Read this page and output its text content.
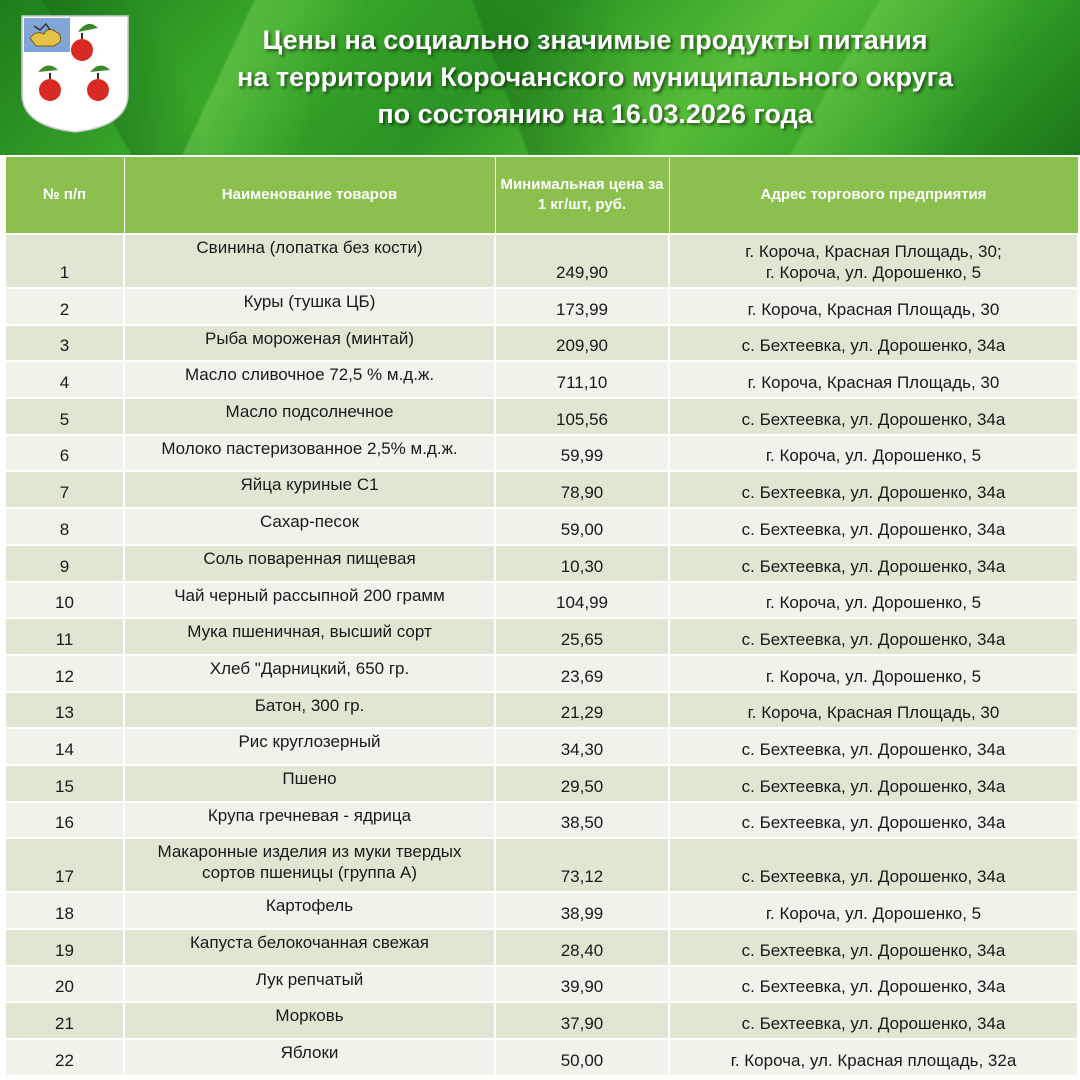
Цены на социально значимые продукты питания
на территории Корочанского муниципального округа
по состоянию на 16.03.2026 года
№ п/п	Наименование товаров	Минимальная цена за 1 кг/шт, руб.	Адрес торгового предприятия
1	Свинина (лопатка без кости)	249,90	г. Короча, Красная Площадь, 30;
г. Короча, ул. Дорошенко, 5
2	Куры (тушка ЦБ)	173,99	г. Короча, Красная Площадь, 30
3	Рыба мороженая (минтай)	209,90	с. Бехтеевка, ул. Дорошенко, 34а
4	Масло сливочное 72,5 % м.д.ж.	711,10	г. Короча, Красная Площадь, 30
5	Масло подсолнечное	105,56	с. Бехтеевка, ул. Дорошенко, 34а
6	Молоко пастеризованное 2,5% м.д.ж.	59,99	г. Короча, ул. Дорошенко, 5
7	Яйца куриные С1	78,90	с. Бехтеевка, ул. Дорошенко, 34а
8	Сахар-песок	59,00	с. Бехтеевка, ул. Дорошенко, 34а
9	Соль поваренная пищевая	10,30	с. Бехтеевка, ул. Дорошенко, 34а
10	Чай черный рассыпной 200 грамм	104,99	г. Короча, ул. Дорошенко, 5
11	Мука пшеничная, высший сорт	25,65	с. Бехтеевка, ул. Дорошенко, 34а
12	Хлеб "Дарницкий, 650 гр.	23,69	г. Короча, ул. Дорошенко, 5
13	Батон, 300 гр.	21,29	г. Короча, Красная Площадь, 30
14	Рис круглозерный	34,30	с. Бехтеевка, ул. Дорошенко, 34а
15	Пшено	29,50	с. Бехтеевка, ул. Дорошенко, 34а
16	Крупа гречневая - ядрица	38,50	с. Бехтеевка, ул. Дорошенко, 34а
17	Макаронные изделия из муки твердых
сортов пшеницы (группа А)	73,12	с. Бехтеевка, ул. Дорошенко, 34а
18	Картофель	38,99	г. Короча, ул. Дорошенко, 5
19	Капуста белокочанная свежая	28,40	с. Бехтеевка, ул. Дорошенко, 34а
20	Лук репчатый	39,90	с. Бехтеевка, ул. Дорошенко, 34а
21	Морковь	37,90	с. Бехтеевка, ул. Дорошенко, 34а
22	Яблоки	50,00	г. Короча, ул. Красная площадь, 32а
